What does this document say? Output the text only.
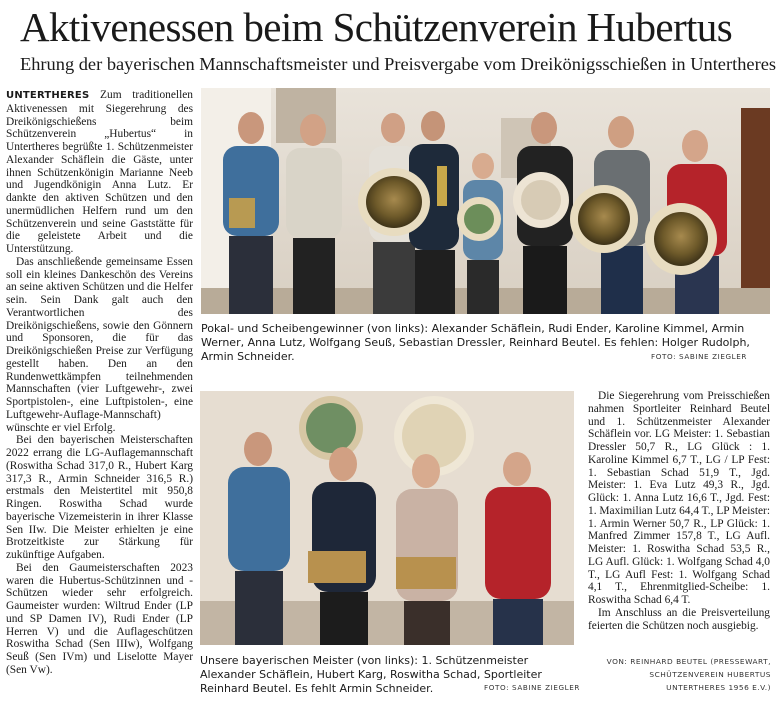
Aktivenessen beim Schützenverein Hubertus
Ehrung der bayerischen Mannschaftsmeister und Preisvergabe vom Dreikönigsschießen in Untertheres

UNTERTHERES Zum traditionellen Aktivenessen mit Siegerehrung des Dreikönigschießens beim Schützenverein „Hubertus“ in Untertheres begrüßte 1. Schützenmeister Alexander Schäflein die Gäste, unter ihnen Schützenkönigin Marianne Neeb und Jugendkönigin Anna Lutz. Er dankte den aktiven Schützen und den unermüdlichen Helfern rund um den Schützenverein und seine Gaststätte für die geleistete Arbeit und die Unterstützung.

Das anschließende gemeinsame Essen soll ein kleines Dankeschön des Vereins an seine aktiven Schützen und die Helfer sein. Sein Dank galt auch den Verantwortlichen des Dreikönigschießens, sowie den Gönnern und Sponsoren, die für das Dreikönigschießen Preise zur Verfügung gestellt haben. Den an den Rundenwettkämpfen teilnehmenden Mannschaften (vier Luftgewehr-, zwei Sportpistolen-, eine Luftpistolen-, eine Luftgewehr-Auflage-Mannschaft) wünschte er viel Erfolg.

Bei den bayerischen Meisterschaften 2022 errang die LG-Auflagemannschaft (Roswitha Schad 317,0 R., Hubert Karg 317,3 R., Armin Schneider 316,5 R.) erstmals den Meistertitel mit 950,8 Ringen. Roswitha Schad wurde bayerische Vizemeisterin in ihrer Klasse Sen IIw. Die Meister erhielten je eine Brotzeitkiste zur Stärkung für zukünftige Aufgaben.

Bei den Gaumeisterschaften 2023 waren die Hubertus-Schützinnen und -Schützen wieder sehr erfolgreich. Gaumeister wurden: Wiltrud Ender (LP und SP Damen IV), Rudi Ender (LP Herren V) und die Auflageschützen Roswitha Schad (Sen IIIw), Wolfgang Seuß (Sen IVm) und Liselotte Mayer (Sen Vw).

Pokal- und Scheibengewinner (von links): Alexander Schäflein, Rudi Ender, Karoline Kimmel, Armin Werner, Anna Lutz, Wolfgang Seuß, Sebastian Dressler, Reinhard Beutel. Es fehlen: Holger Rudolph, Armin Schneider.	FOTO: SABINE ZIEGLER
Unsere bayerischen Meister (von links): 1. Schützenmeister Alexander Schäflein, Hubert Karg, Roswitha Schad, Sportleiter Reinhard Beutel. Es fehlt Armin Schneider.	FOTO: SABINE ZIEGLER

Die Siegerehrung vom Preisschießen nahmen Sportleiter Reinhard Beutel und 1. Schützenmeister Alexander Schäflein vor. LG Meister: 1. Sebastian Dressler 50,7 R., LG Glück : 1. Karoline Kimmel 6,7 T., LG / LP Fest: 1. Sebastian Schad 51,9 T., Jgd. Meister: 1. Eva Lutz 49,3 R., Jgd. Glück: 1. Anna Lutz 16,6 T., Jgd. Fest: 1. Maximilian Lutz 64,4 T., LP Meister: 1. Armin Werner 50,7 R., LP Glück: 1. Manfred Zimmer 157,8 T., LG Aufl. Meister: 1. Roswitha Schad 53,5 R., LG Aufl. Glück: 1. Wolfgang Schad 4,0 T., LG Aufl Fest: 1. Wolfgang Schad 4,1 T., Ehrenmitglied-Scheibe: 1. Roswitha Schad 6,4 T.

Im Anschluss an die Preisverteilung feierten die Schützen noch ausgiebig.

VON: REINHARD BEUTEL (PRESSEWART,
SCHÜTZENVEREIN HUBERTUS
UNTERTHERES 1956 E.V.)
